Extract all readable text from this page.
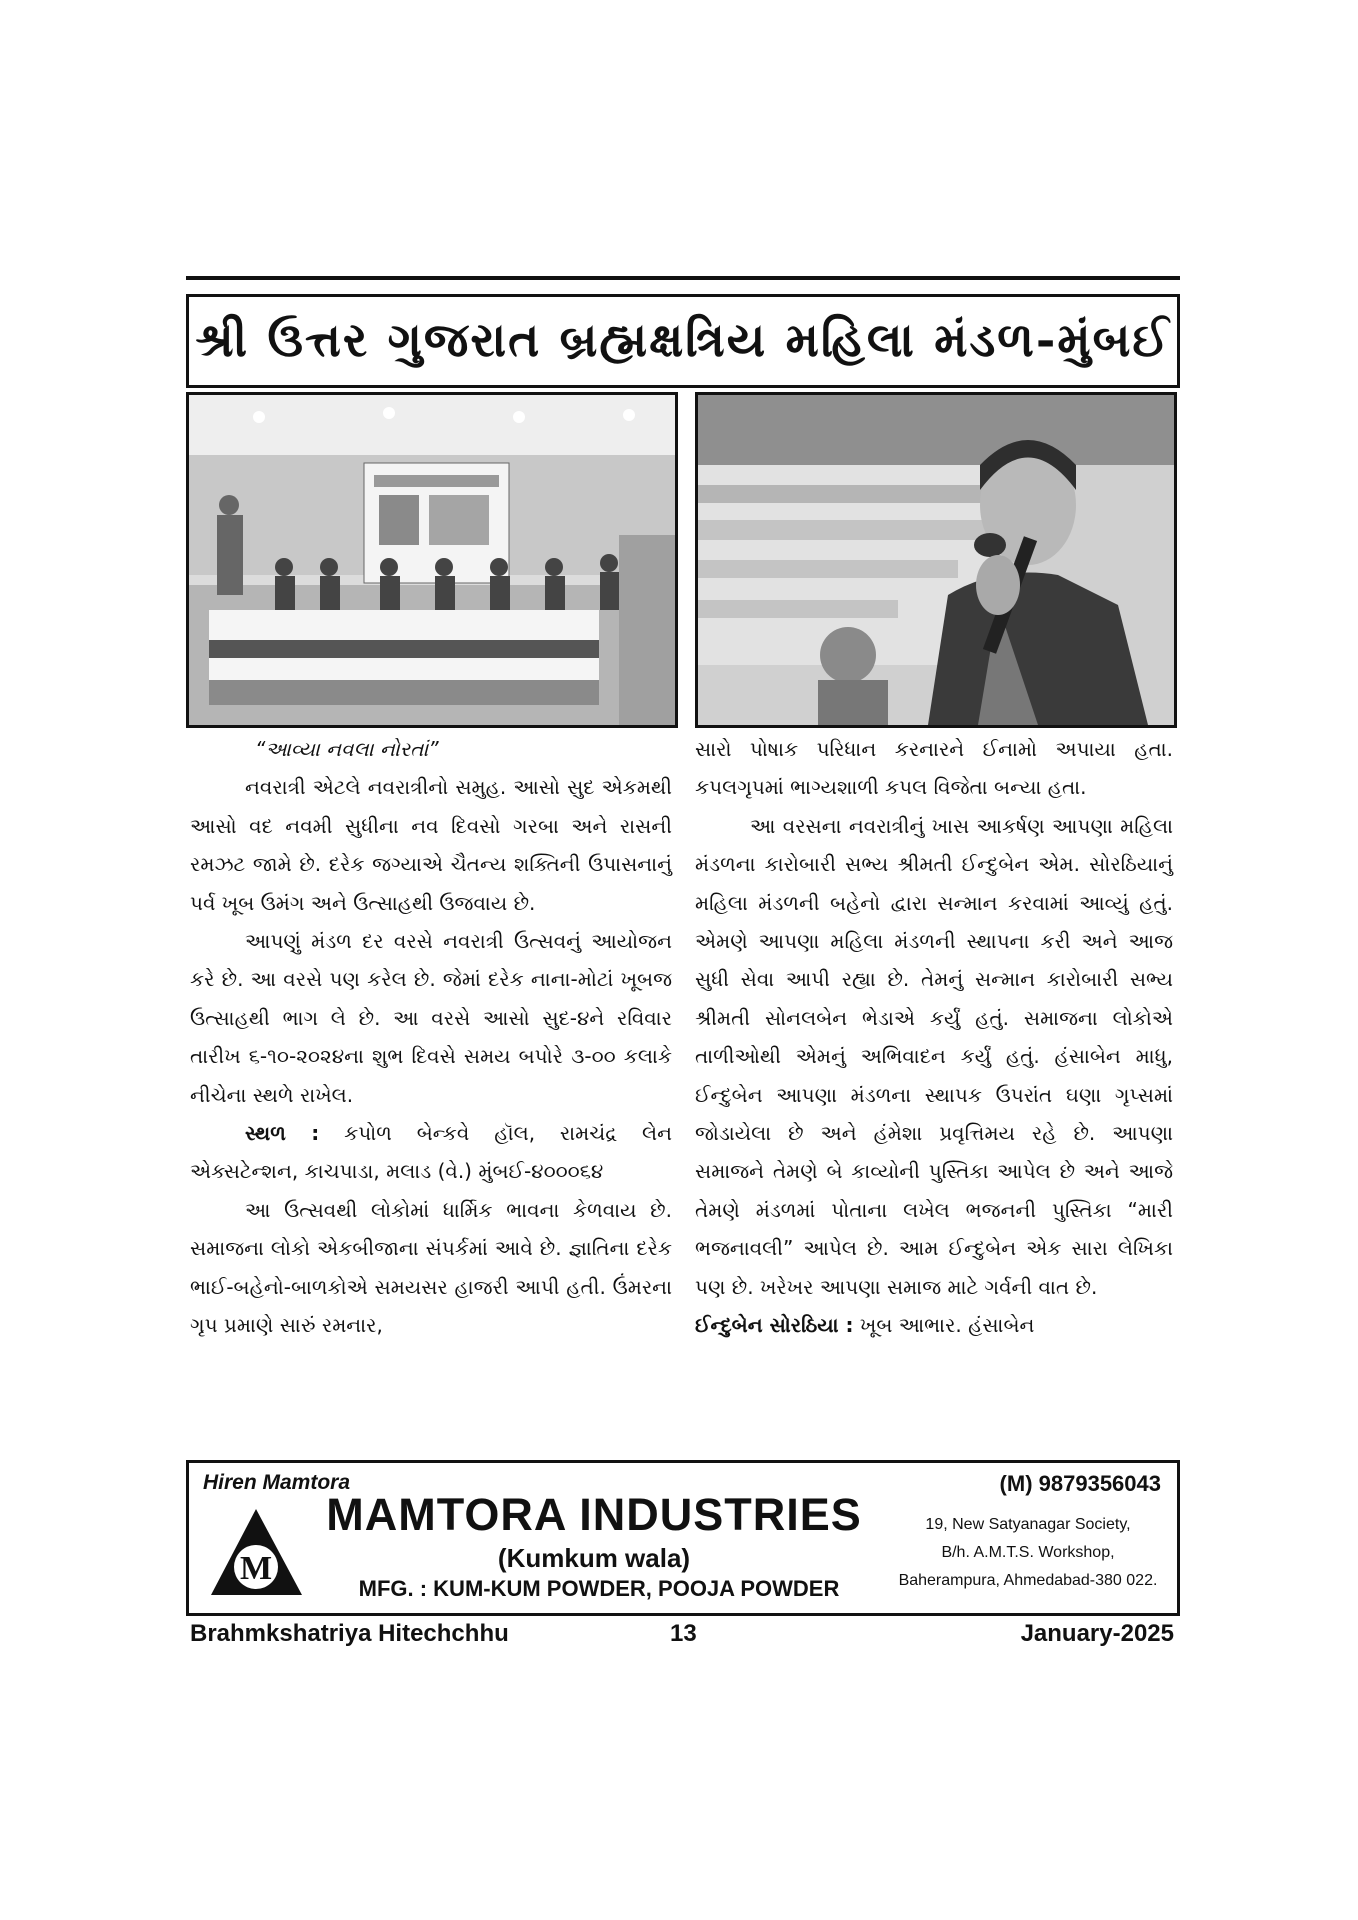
શ્રી ઉત્તર ગુજરાત બ્રહ્મક્ષત્રિય મહિલા મંડળ-મુંબઈ

“આવ્યા નવલા નોરતાં”

નવરાત્રી એટલે નવરાત્રીનો સમુહ. આસો સુદ એકમથી આસો વદ નવમી સુધીના નવ દિવસો ગરબા અને રાસની રમઝટ જામે છે. દરેક જગ્યાએ ચૈતન્ય શક્તિની ઉપાસનાનું પર્વ ખૂબ ઉમંગ અને ઉત્સાહથી ઉજવાય છે.

આપણું મંડળ દર વરસે નવરાત્રી ઉત્સવનું આયોજન કરે છે. આ વરસે પણ કરેલ છે. જેમાં દરેક નાના-મોટાં ખૂબજ ઉત્સાહથી ભાગ લે છે. આ વરસે આસો સુદ-૪ને રવિવાર તારીખ ૬-૧૦-૨૦૨૪ના શુભ દિવસે સમય બપોરે ૩-૦૦ કલાકે નીચેના સ્થળે રાખેલ.

સ્થળ : કપોળ બેન્કવે હૉલ, રામચંદ્ર લેન એક્સટેન્શન, કાચપાડા, મલાડ (વે.) મુંબઈ-૪૦૦૦૬૪

આ ઉત્સવથી લોકોમાં ધાર્મિક ભાવના કેળવાય છે. સમાજના લોકો એકબીજાના સંપર્કમાં આવે છે. જ્ઞાતિના દરેક ભાઈ-બહેનો-બાળકોએ સમયસર હાજરી આપી હતી. ઉંમરના ગૃપ પ્રમાણે સારું રમનાર,

સારો પોષાક પરિધાન કરનારને ઈનામો અપાયા હતા. કપલગૃપમાં ભાગ્યશાળી કપલ વિજેતા બન્યા હતા.

આ વરસના નવરાત્રીનું ખાસ આકર્ષણ આપણા મહિલા મંડળના કારોબારી સભ્ય શ્રીમતી ઈન્દુબેન એમ. સોરઠિયાનું મહિલા મંડળની બહેનો દ્વારા સન્માન કરવામાં આવ્યું હતું. એમણે આપણા મહિલા મંડળની સ્થાપના કરી અને આજ સુધી સેવા આપી રહ્યા છે. તેમનું સન્માન કારોબારી સભ્ય શ્રીમતી સોનલબેન ભેડાએ કર્યું હતું. સમાજના લોકોએ તાળીઓથી એમનું અભિવાદન કર્યું હતું. હંસાબેન માધુ, ઈન્દુબેન આપણા મંડળના સ્થાપક ઉપરાંત ઘણા ગૃપ્સમાં જોડાયેલા છે અને હંમેશા પ્રવૃત્તિમય રહે છે. આપણા સમાજને તેમણે બે કાવ્યોની પુસ્તિકા આપેલ છે અને આજે તેમણે મંડળમાં પોતાના લખેલ ભજનની પુસ્તિકા “મારી ભજનાવલી” આપેલ છે. આમ ઈન્દુબેન એક સારા લેખિકા પણ છે. ખરેખર આપણા સમાજ માટે ગર્વની વાત છે.

ઈન્દુબેન સોરઠિયા : ખૂબ આભાર. હંસાબેન

Hiren Mamtora	(M) 9879356043
M
MAMTORA INDUSTRIES
(Kumkum wala)
MFG. : KUM-KUM POWDER, POOJA POWDER
19, New Satyanagar Society,
B/h. A.M.T.S. Workshop,
Baherampura, Ahmedabad-380 022.
Brahmkshatriya Hitechchhu	13	January-2025
